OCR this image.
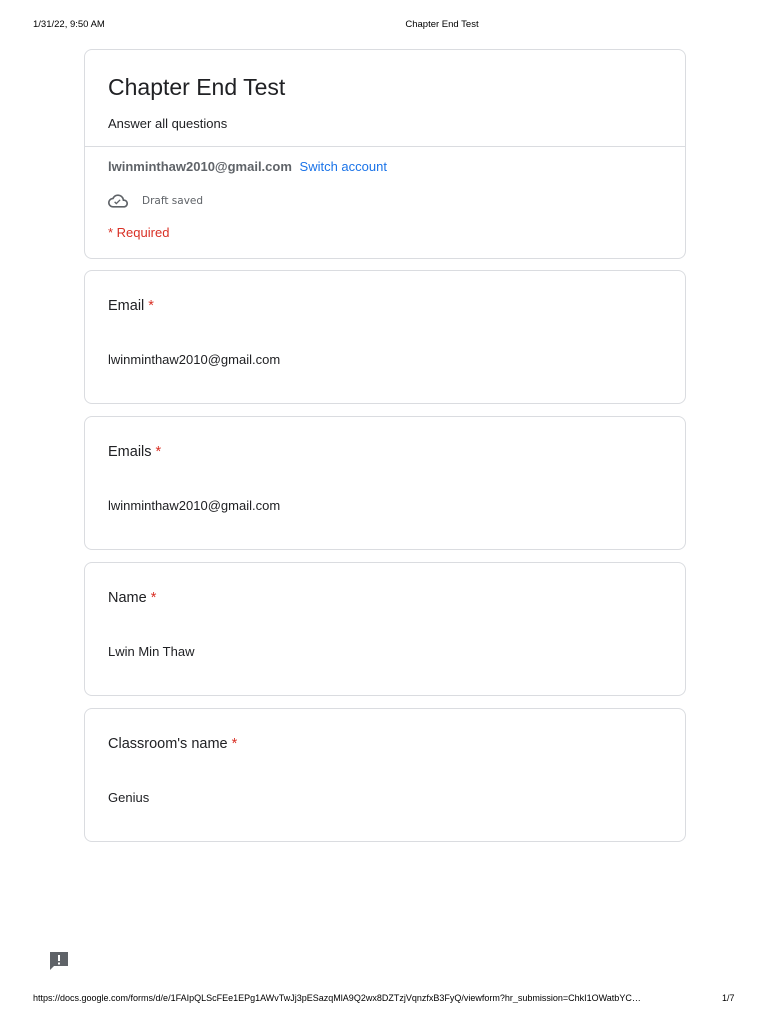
1/31/22, 9:50 AM	Chapter End Test
Chapter End Test
Answer all questions
lwinminthaw2010@gmail.com Switch account
Draft saved
* Required
Email *
lwinminthaw2010@gmail.com
Emails *
lwinminthaw2010@gmail.com
Name *
Lwin Min Thaw
Classroom's name *
Genius
https://docs.google.com/forms/d/e/1FAIpQLScFEe1EPg1AWvTwJj3pESazqMlA9Q2wx8DZTzjVqnzfxB3FyQ/viewform?hr_submission=ChkI1OWatbYC…	1/7
